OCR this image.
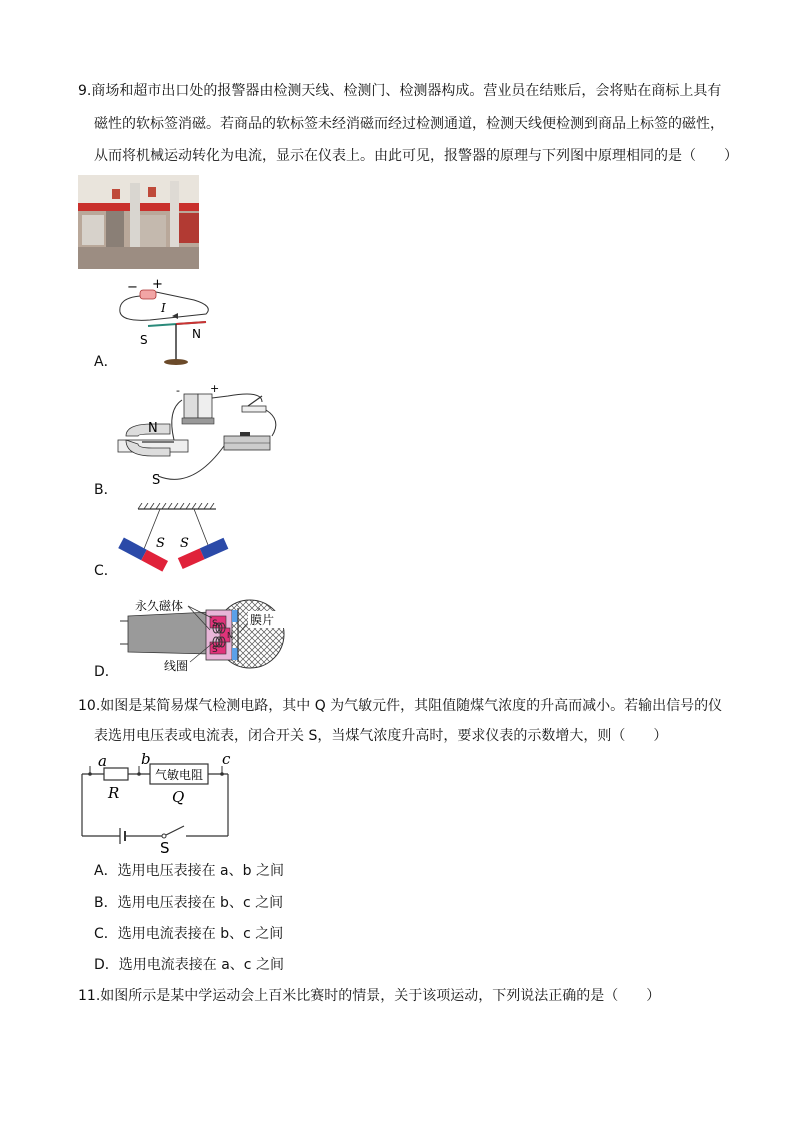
9.商场和超市出口处的报警器由检测天线、检测门、检测器构成。营业员在结账后，会将贴在商标上具有
磁性的软标签消磁。若商品的软标签未经消磁而经过检测通道，检测天线便检测到商品上标签的磁性，
从而将机械运动转化为电流，显示在仪表上。由此可见，报警器的原理与下列图中原理相同的是（　　）
− +
I
S	N
A．
N
S
-	+
B．
S S
C．
永久磁体
线圈
膜片
S
S
N
D．
10.如图是某简易煤气检测电路，其中 Q 为气敏元件，其阻值随煤气浓度的升高而减小。若输出信号的仪
表选用电压表或电流表，闭合开关 S，当煤气浓度升高时，要求仪表的示数增大，则（　　）
a b	c
R	Q
气敏电阻
S
A．选用电压表接在 a、b 之间
B．选用电压表接在 b、c 之间
C．选用电流表接在 b、c 之间
D．选用电流表接在 a、c 之间
11.如图所示是某中学运动会上百米比赛时的情景，关于该项运动，下列说法正确的是（　　）
